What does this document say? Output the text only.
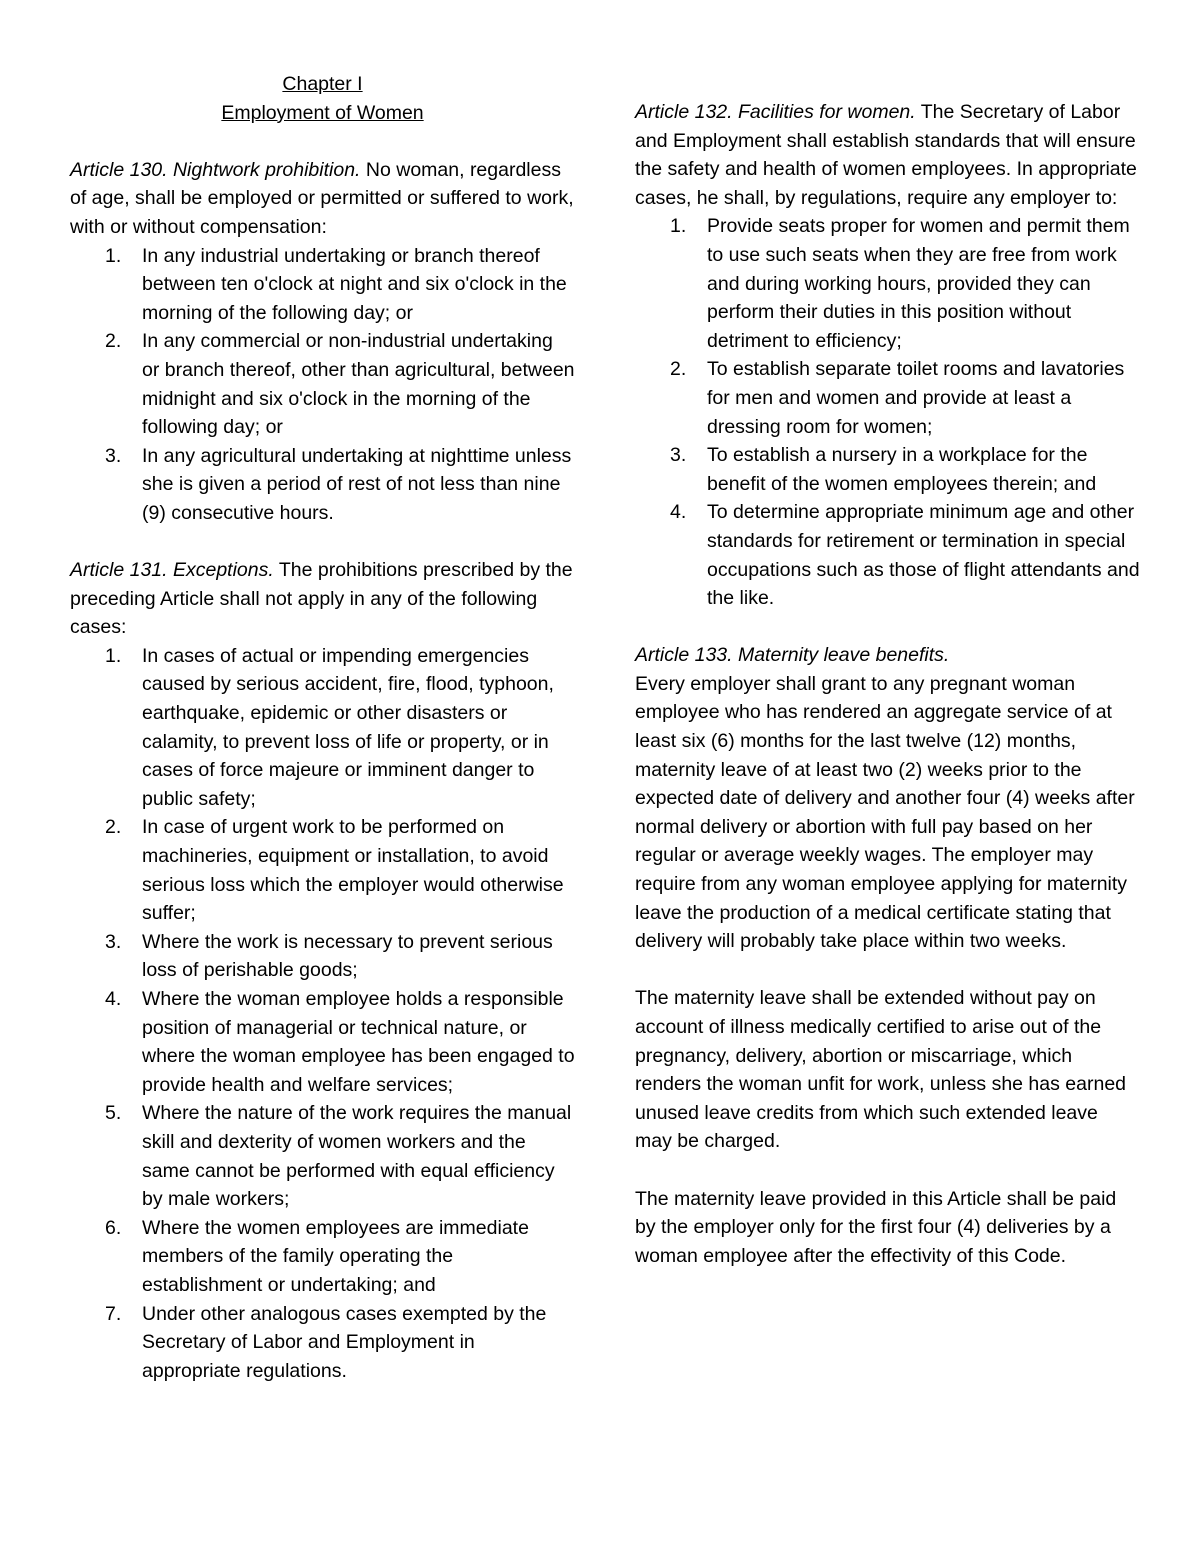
Chapter I

Employment of Women

Article 130. Nightwork prohibition. No woman, regardless of age, shall be employed or permitted or suffered to work, with or without compensation:

1. In any industrial undertaking or branch thereof between ten o'clock at night and six o'clock in the morning of the following day; or
2. In any commercial or non-industrial undertaking or branch thereof, other than agricultural, between midnight and six o'clock in the morning of the following day; or
3. In any agricultural undertaking at nighttime unless she is given a period of rest of not less than nine (9) consecutive hours.

Article 131. Exceptions. The prohibitions prescribed by the preceding Article shall not apply in any of the following cases:

1. In cases of actual or impending emergencies caused by serious accident, fire, flood, typhoon, earthquake, epidemic or other disasters or calamity, to prevent loss of life or property, or in cases of force majeure or imminent danger to public safety;
2. In case of urgent work to be performed on machineries, equipment or installation, to avoid serious loss which the employer would otherwise suffer;
3. Where the work is necessary to prevent serious loss of perishable goods;
4. Where the woman employee holds a responsible position of managerial or technical nature, or where the woman employee has been engaged to provide health and welfare services;
5. Where the nature of the work requires the manual skill and dexterity of women workers and the same cannot be performed with equal efficiency by male workers;
6. Where the women employees are immediate members of the family operating the establishment or undertaking; and
7. Under other analogous cases exempted by the Secretary of Labor and Employment in appropriate regulations.

Article 132. Facilities for women. The Secretary of Labor and Employment shall establish standards that will ensure the safety and health of women employees. In appropriate cases, he shall, by regulations, require any employer to:

1. Provide seats proper for women and permit them to use such seats when they are free from work and during working hours, provided they can perform their duties in this position without detriment to efficiency;
2. To establish separate toilet rooms and lavatories for men and women and provide at least a dressing room for women;
3. To establish a nursery in a workplace for the benefit of the women employees therein; and
4. To determine appropriate minimum age and other standards for retirement or termination in special occupations such as those of flight attendants and the like.

Article 133. Maternity leave benefits.

Every employer shall grant to any pregnant woman employee who has rendered an aggregate service of at least six (6) months for the last twelve (12) months, maternity leave of at least two (2) weeks prior to the expected date of delivery and another four (4) weeks after normal delivery or abortion with full pay based on her regular or average weekly wages. The employer may require from any woman employee applying for maternity leave the production of a medical certificate stating that delivery will probably take place within two weeks.

The maternity leave shall be extended without pay on account of illness medically certified to arise out of the pregnancy, delivery, abortion or miscarriage, which renders the woman unfit for work, unless she has earned unused leave credits from which such extended leave may be charged.

The maternity leave provided in this Article shall be paid by the employer only for the first four (4) deliveries by a woman employee after the effectivity of this Code.
